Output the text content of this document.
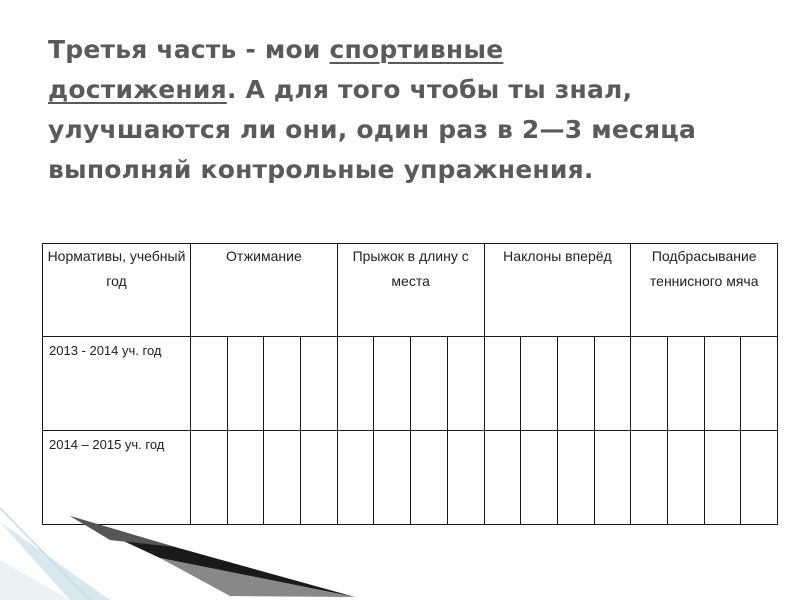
Третья часть - мои спортивные
достижения. А для того чтобы ты знал, улучшаются ли они, один раз в 2—3 месяца выполняй контрольные упражнения.
Нормативы, учебный год	Отжимание				Прыжок в длину с места				Наклоны вперёд				Подбрасывание теннисного мяча			
2013 - 2014 уч. год																
2014 – 2015 уч. год																
